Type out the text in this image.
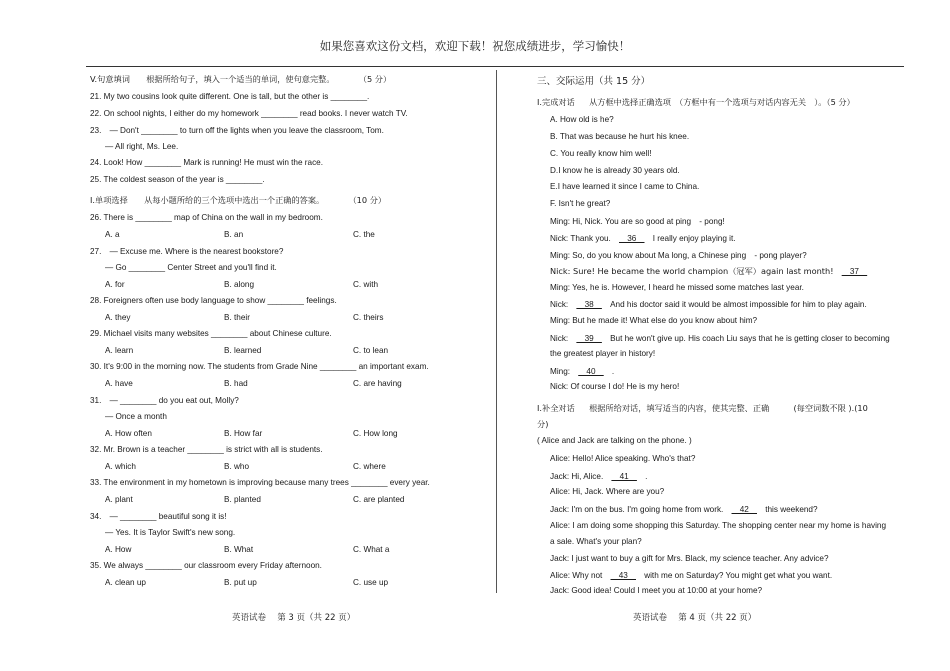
如果您喜欢这份文档，欢迎下载！祝您成绩进步，学习愉快！
V.句意填词 根据所给句子，填入一个适当的单词，使句意完整。	（5 分）
21. My two cousins look quite different. One is tall, but the other is ________.
22. On school nights, I either do my homework ________ read books. I never watch TV.
23.　— Don't ________ to turn off the lights when you leave the classroom, Tom.
— All right, Ms. Lee.
24. Look! How ________ Mark is running! He must win the race.
25. The coldest season of the year is ________.
Ⅰ.单项选择 从每小题所给的三个选项中选出一个正确的答案。	（10 分）
26. There is ________ map of China on the wall in my bedroom.
A. a	B. an	C. the
27.　— Excuse me. Where is the nearest bookstore?
— Go ________ Center Street and you'll find it.
A. for	B. along	C. with
28. Foreigners often use body language to show ________ feelings.
A. they	B. their	C. theirs
29. Michael visits many websites ________ about Chinese culture.
A. learn	B. learned	C. to lean
30. It's 9:00 in the morning now. The students from Grade Nine ________ an important exam.
A. have	B. had	C. are having
31.　— ________ do you eat out, Molly?
— Once a month
A. How often	B. How far	C. How long
32. Mr. Brown is a teacher ________ is strict with all is students.
A. which	B. who	C. where
33. The environment in my hometown is improving because many trees ________ every year.
A. plant	B. planted	C. are planted
34.　— ________ beautiful song it is!
— Yes. It is Taylor Swift's new song.
A. How	B. What	C. What a
35. We always ________ our classroom every Friday afternoon.
A. clean up	B. put up	C. use up
英语试卷　 第 3 页（共 22 页）
三、交际运用（共 15 分）
Ⅰ.完成对话 从方框中选择正确选项　（方框中有一个选项与对话内容无关　）。（5 分）
A. How old is he?
B. That was because he hurt his knee.
C. You really know him well!
D.I know he is already 30 years old.
E.I have learned it since I came to China.
F. Isn't he great?
Ming: Hi, Nick. You are so good at ping　- pong!
Nick: Thank you.　　36　　I really enjoy playing it.
Ming: So, do you know about Ma long, a Chinese ping　- pong player?
Nick: Sure! He became the world champion（冠军）again last month!　　37　
Ming: Yes, he is. However, I heard he missed some matches last year.
Nick:　　38　　And his doctor said it would be almost impossible for him to play again.
Ming: But he made it! What else do you know about him?
Nick:　　39　　But he won't give up. His coach Liu says that he is getting closer to becoming
the greatest player in history!
Ming:　　40　　.
Nick: Of course I do! He is my hero!
Ⅰ.补全对话 根据所给对话，填写适当的内容，使其完整、正确	(每空词数不限 ).(10
分)
( Alice and Jack are talking on the phone. )
Alice: Hello! Alice speaking. Who's that?
Jack: Hi, Alice.　　41　　.
Alice: Hi, Jack. Where are you?
Jack: I'm on the bus. I'm going home from work.　　42　　this weekend?
Alice: I am doing some shopping this Saturday. The shopping center near my home is having
a sale. What's your plan?
Jack: I just want to buy a gift for Mrs. Black, my science teacher. Any advice?
Alice: Why not　　43　　with me on Saturday? You might get what you want.
Jack: Good idea! Could I meet you at 10:00 at your home?
英语试卷　 第 4 页（共 22 页）
